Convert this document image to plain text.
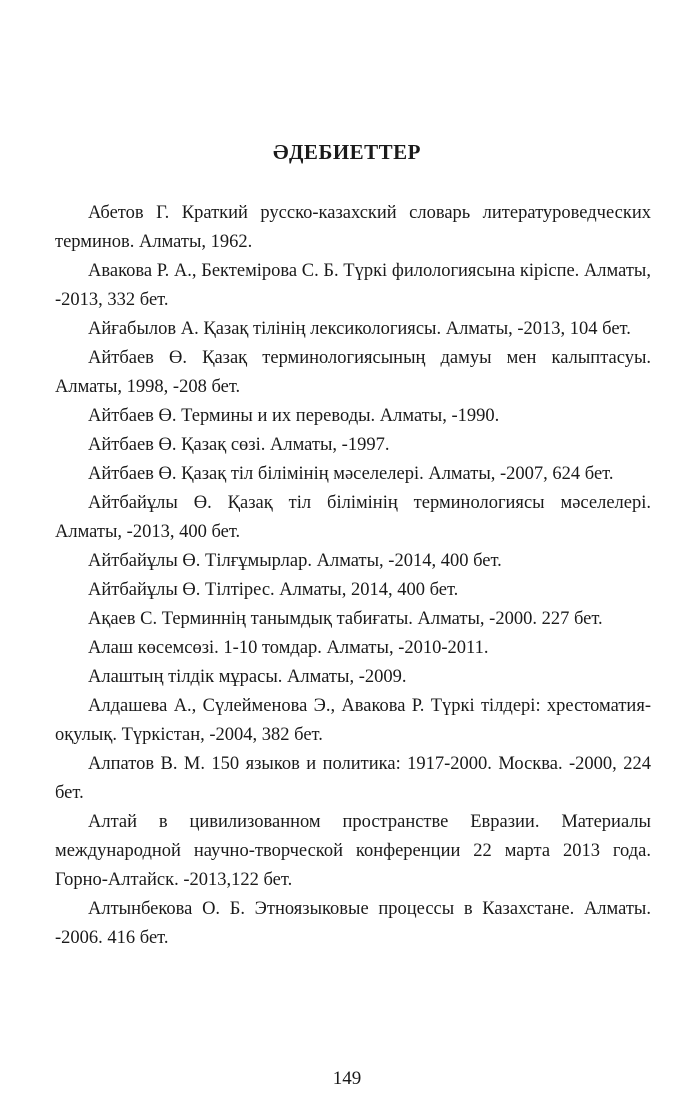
ӘДЕБИЕТТЕР

Абетов Г. Краткий русско-казахский словарь литературоведческих терминов. Алматы, 1962.

Авакова Р. А., Бектемірова С. Б. Түркі филологиясына кіріспе. Алматы, -2013, 332 бет.

Айғабылов А. Қазақ тілінің лексикологиясы. Алматы, -2013, 104 бет.

Айтбаев Ө. Қазақ терминологиясының дамуы мен калыптасуы. Алматы, 1998, -208 бет.

Айтбаев Ө. Термины и их переводы. Алматы, -1990.

Айтбаев Ө. Қазақ сөзі. Алматы, -1997.

Айтбаев Ө. Қазақ тіл білімінің мәселелері. Алматы, -2007, 624 бет.

Айтбайұлы Ө. Қазақ тіл білімінің терминологиясы мәселелері. Алматы, -2013, 400 бет.

Айтбайұлы Ө. Тілғұмырлар. Алматы, -2014, 400 бет.

Айтбайұлы Ө. Тілтірес. Алматы, 2014, 400 бет.

Ақаев С. Терминнің танымдық табиғаты. Алматы, -2000. 227 бет.

Алаш көсемсөзі. 1-10 томдар. Алматы, -2010-2011.

Алаштың тілдік мұрасы. Алматы, -2009.

Алдашева А., Сүлейменова Э., Авакова Р. Түркі тілдері: хрестоматия-оқулық. Түркістан, -2004, 382 бет.

Алпатов В. М. 150 языков и политика: 1917-2000. Москва. -2000, 224 бет.

Алтай в цивилизованном пространстве Евразии. Материалы международной научно-творческой конференции 22 марта 2013 года. Горно-Алтайск. -2013,122 бет.

Алтынбекова О. Б. Этноязыковые процессы в Казахстане. Алматы. -2006. 416 бет.

149
